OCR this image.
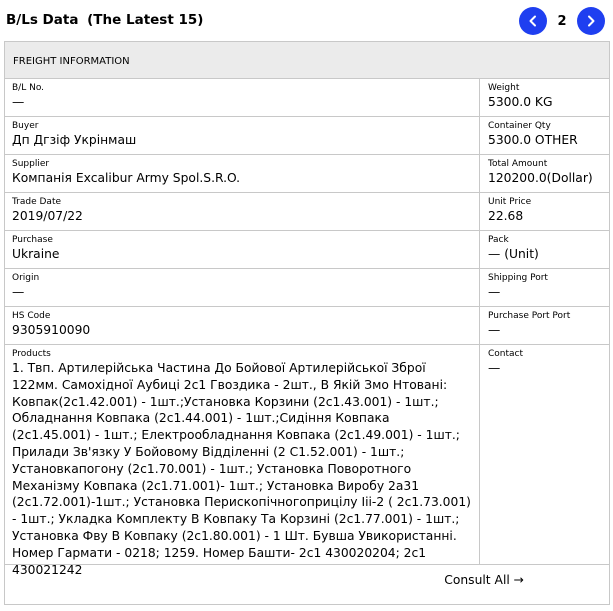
B/Ls Data (The Latest 15)	2
FREIGHT INFORMATION
B/L No.
—
Weight
5300.0 KG
Buyer
Дп Дгзіф Укрінмаш
Container Qty
5300.0 OTHER
Supplier
Компанія Excalibur Army Spol.S.R.O.
Total Amount
120200.0(Dollar)
Trade Date
2019/07/22
Unit Price
22.68
Purchase
Ukraine
Pack
— (Unit)
Origin
—
Shipping Port
—
HS Code
9305910090
Purchase Port Port
—
Products
1. Твп. Артилерійська Частина До Бойової Артилерійської Зброї 122мм. Самохідної Аубиці 2с1 Гвоздика - 2шт., В Якій Змо Нтовані: Ковпак(2с1.42.001) - 1шт.;Установка Корзини (2с1.43.001) - 1шт.; Обладнання Ковпака (2с1.44.001) - 1шт.;Сидіння Ковпака (2с1.45.001) - 1шт.; Електрообладнання Ковпака (2с1.49.001) - 1шт.; Прилади Зв'язку У Бойовому Відділенні (2 С1.52.001) - 1шт.; Установкапогону (2с1.70.001) - 1шт.; Установка Поворотного Механізму Ковпака (2с1.71.001)- 1шт.; Установка Виробу 2а31 (2с1.72.001)-1шт.; Установка Перископічногоприцілу Ііі-2 ( 2с1.73.001) - 1шт.; Укладка Комплекту В Ковпаку Та Корзині (2с1.77.001) - 1шт.; Установка Фву В Ковпаку (2с1.80.001) - 1 Шт. Бувша Увикористанні. Номер Гармати - 0218; 1259. Номер Башти- 2с1 430020204; 2с1 430021242
Contact
—
Consult All →
